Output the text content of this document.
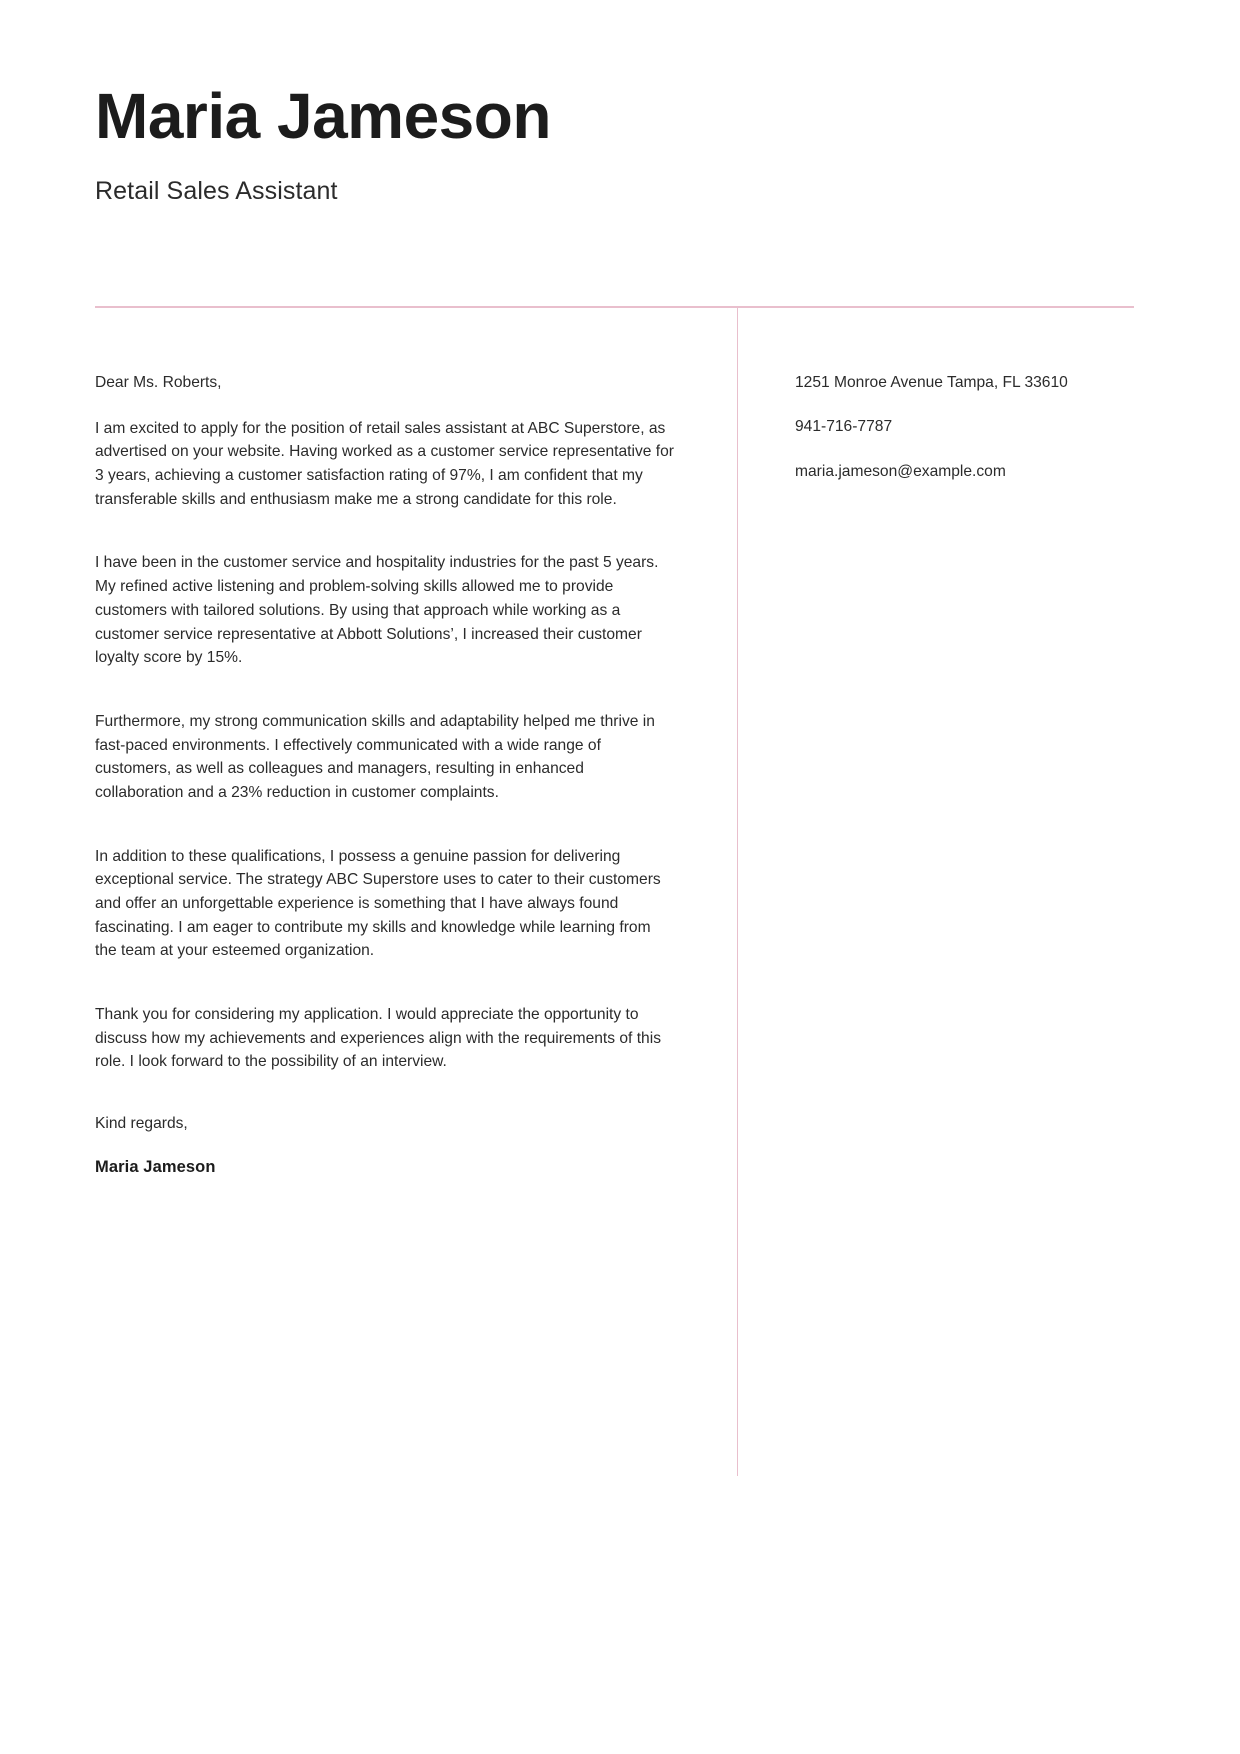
Maria Jameson
Retail Sales Assistant
Dear Ms. Roberts,

I am excited to apply for the position of retail sales assistant at ABC Superstore, as advertised on your website. Having worked as a customer service representative for 3 years, achieving a customer satisfaction rating of 97%, I am confident that my transferable skills and enthusiasm make me a strong candidate for this role.

I have been in the customer service and hospitality industries for the past 5 years. My refined active listening and problem-solving skills allowed me to provide customers with tailored solutions. By using that approach while working as a customer service representative at Abbott Solutions’, I increased their customer loyalty score by 15%.

Furthermore, my strong communication skills and adaptability helped me thrive in fast-paced environments. I effectively communicated with a wide range of customers, as well as colleagues and managers, resulting in enhanced collaboration and a 23% reduction in customer complaints.

In addition to these qualifications, I possess a genuine passion for delivering exceptional service. The strategy ABC Superstore uses to cater to their customers and offer an unforgettable experience is something that I have always found fascinating. I am eager to contribute my skills and knowledge while learning from the team at your esteemed organization.

Thank you for considering my application. I would appreciate the opportunity to discuss how my achievements and experiences align with the requirements of this role. I look forward to the possibility of an interview.

Kind regards,
Maria Jameson
1251 Monroe Avenue Tampa, FL 33610
941-716-7787
maria.jameson@example.com
